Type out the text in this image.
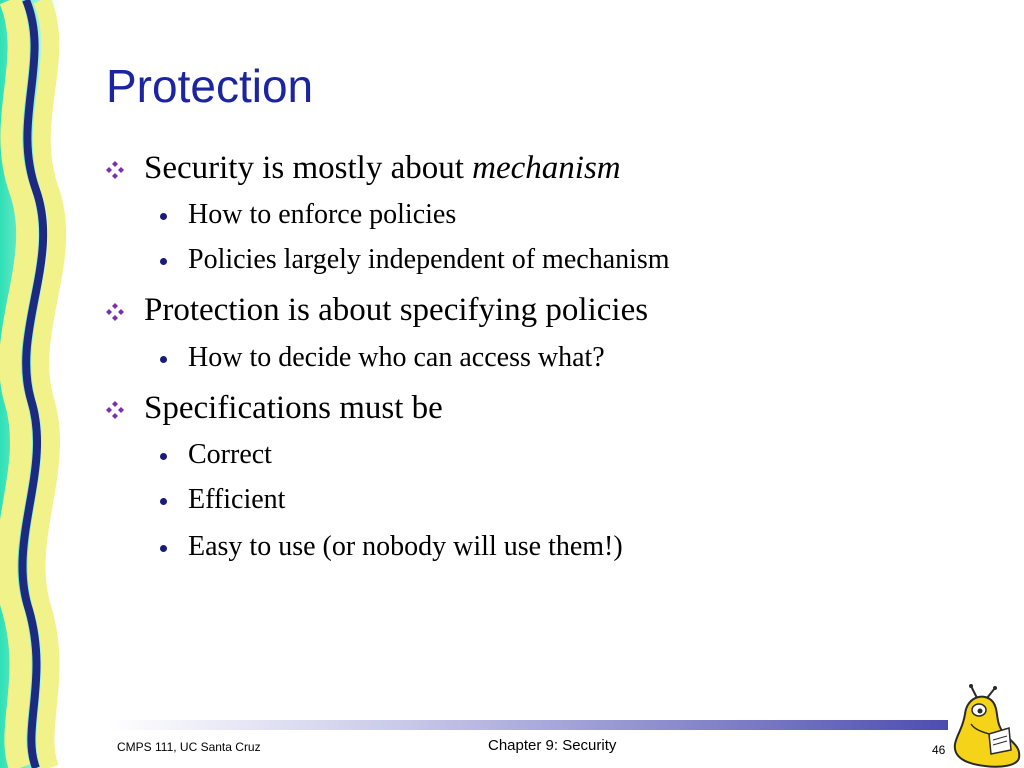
Protection
Security is mostly about mechanism
How to enforce policies
Policies largely independent of mechanism
Protection is about specifying policies
How to decide who can access what?
Specifications must be
Correct
Efficient
Easy to use (or nobody will use them!)
CMPS 111, UC Santa Cruz	Chapter 9: Security	46
